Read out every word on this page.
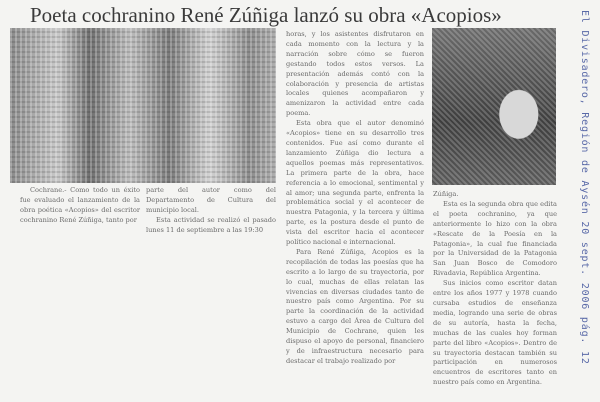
Poeta cochranino René Zúñiga lanzó su obra «Acopios»

Cochrane.- Como todo un éxito fue evaluado el lanzamiento de la obra poética «Acopios» del escritor cochranino René Zúñiga, tanto por

parte del autor como del Departamento de Cultura del municipio local.

Esta actividad se realizó el pasado lunes 11 de septiembre a las 19:30

horas, y los asistentes disfrutaron en cada momento con la lectura y la narración sobre cómo se fueron gestando todos estos versos. La presentación además contó con la colaboración y presencia de artistas locales quienes acompañaron y amenizaron la actividad entre cada poema.

Esta obra que el autor denominó «Acopios» tiene en su desarrollo tres contenidos. Fue así como durante el lanzamiento Zúñiga dio lectura a aquellos poemas más representativos. La primera parte de la obra, hace referencia a lo emocional, sentimental y al amor; una segunda parte, enfrenta la problemática social y el acontecer de nuestra Patagonia, y la tercera y última parte, es la postura desde el punto de vista del escritor hacia el acontecer político nacional e internacional.

Para René Zúñiga, Acopios es la recopilación de todas las poesías que ha escrito a lo largo de su trayectoria, por lo cual, muchas de ellas relatan las vivencias en diversas ciudades tanto de nuestro país como Argentina. Por su parte la coordinación de la actividad estuvo a cargo del Área de Cultura del Municipio de Cochrane, quien les dispuso el apoyo de personal, financiero y de infraestructura necesario para destacar el trabajo realizado por

Zúñiga.

Esta es la segunda obra que edita el poeta cochranino, ya que anteriormente lo hizo con la obra «Rescate de la Poesía en la Patagonia», la cual fue financiada por la Universidad de la Patagonia San Juan Bosco de Comodoro Rivadavia, República Argentina.

Sus inicios como escritor datan entre los años 1977 y 1978 cuando cursaba estudios de enseñanza media, logrando una serie de obras de su autoría, hasta la fecha, muchas de las cuales hoy forman parte del libro «Acopios». Dentro de su trayectoria destacan también su participación en numerosos encuentros de escritores tanto en nuestro país como en Argentina.

El Divisadero, Región de Aysén 20 sept. 2006 pág. 12
